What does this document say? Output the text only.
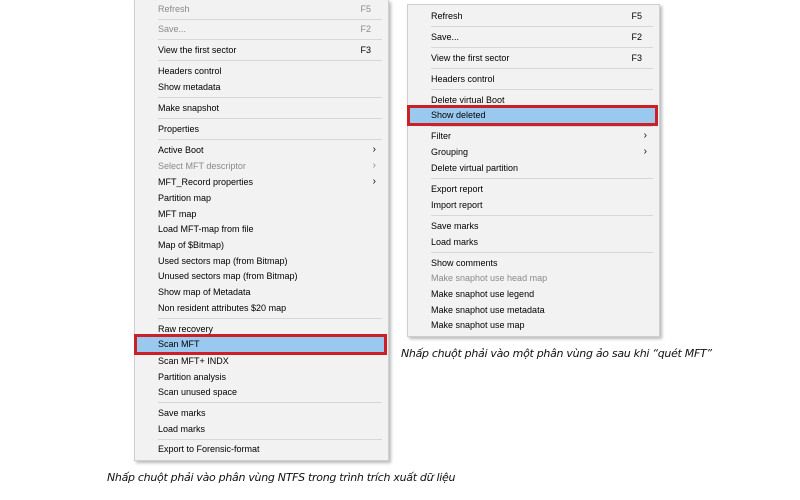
Refresh	F5
Save...	F2
View the first sector	F3
Headers control
Show metadata
Make snapshot
Properties
Active Boot	›
Select MFT descriptor	›
MFT_Record properties	›
Partition map
MFT map
Load MFT-map from file
Map of $Bitmap)
Used sectors map (from Bitmap)
Unused sectors map (from Bitmap)
Show map of Metadata
Non resident attributes $20 map
Raw recovery
Scan MFT
Scan MFT+ INDX
Partition analysis
Scan unused space
Save marks
Load marks
Export to Forensic-format
Refresh	F5
Save...	F2
View the first sector	F3
Headers control
Delete virtual Boot
Show deleted
Filter	›
Grouping	›
Delete virtual partition
Export report
Import report
Save marks
Load marks
Show comments
Make snaphot use head map
Make snaphot use legend
Make snaphot use metadata
Make snaphot use map
Nhấp chuột phải vào một phân vùng ảo sau khi “quét MFT”
Nhấp chuột phải vào phân vùng NTFS trong trình trích xuất dữ liệu
